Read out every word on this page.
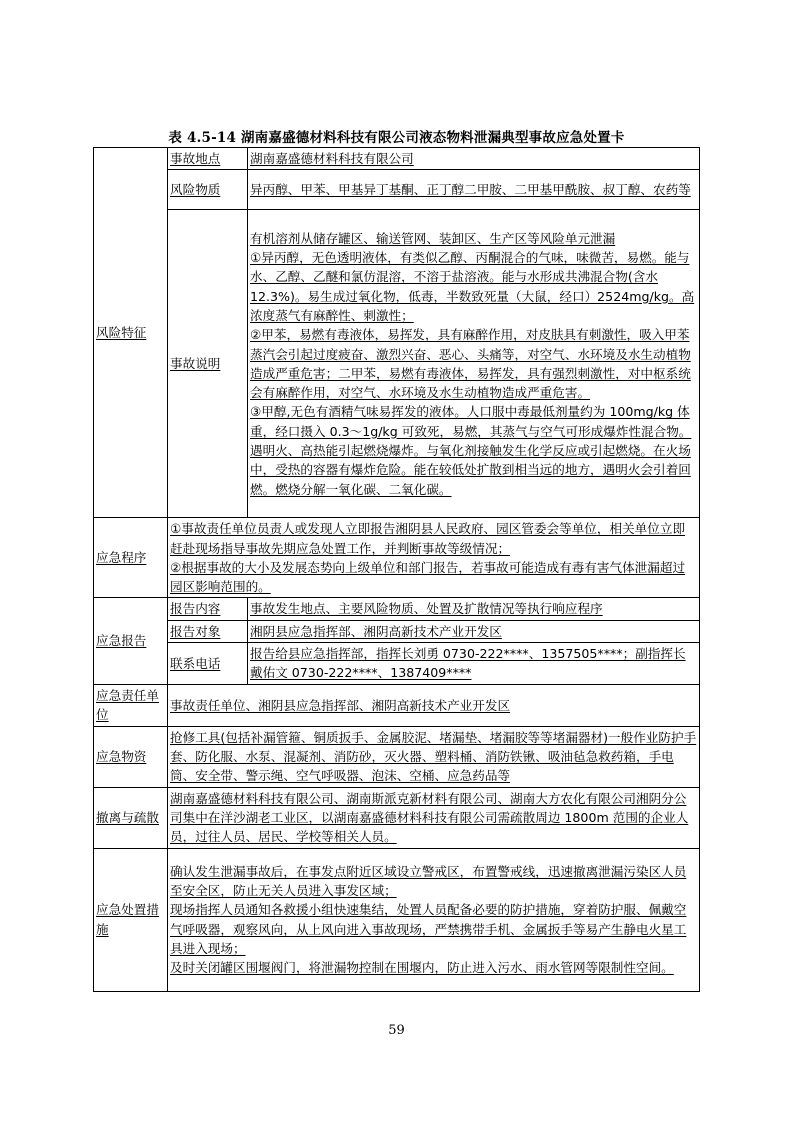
表 4.5-14 湖南嘉盛德材料科技有限公司液态物料泄漏典型事故应急处置卡
风险特征	事故地点	湖南嘉盛德材料科技有限公司
	风险物质	异丙醇、甲苯、甲基异丁基酮、正丁醇二甲胺、二甲基甲酰胺、叔丁醇、农药等
	事故说明	有机溶剂从储存罐区、输送管网、装卸区、生产区等风险单元泄漏
①异丙醇，无色透明液体，有类似乙醇、丙酮混合的气味，味微苦，易燃。能与水、乙醇、乙醚和氯仿混溶，不溶于盐溶液。能与水形成共沸混合物(含水 12.3%)。易生成过氧化物，低毒，半数致死量（大鼠，经口）2524mg/kg。高浓度蒸气有麻醉性、刺激性；
②甲苯，易燃有毒液体，易挥发，具有麻醉作用，对皮肤具有刺激性，吸入甲苯蒸汽会引起过度疲奋、激烈兴奋、恶心、头痛等，对空气、水环境及水生动植物造成严重危害；二甲苯，易燃有毒液体，易挥发，具有强烈刺激性，对中枢系统会有麻醉作用，对空气、水环境及水生动植物造成严重危害。
③甲醇,无色有酒精气味易挥发的液体。人口服中毒最低剂量约为 100mg/kg 体重，经口摄入 0.3～1g/kg 可致死，易燃，其蒸气与空气可形成爆炸性混合物。遇明火、高热能引起燃烧爆炸。与氧化剂接触发生化学反应或引起燃烧。在火场中，受热的容器有爆炸危险。能在较低处扩散到相当远的地方，遇明火会引着回燃。燃烧分解一氧化碳、二氧化碳。

应急程序	①事故责任单位员责人或发现人立即报告湘阴县人民政府、园区管委会等单位，相关单位立即赶赴现场指导事故先期应急处置工作，并判断事故等级情况；
②根据事故的大小及发展态势向上级单位和部门报告，若事故可能造成有毒有害气体泄漏超过园区影响范围的。	

应急报告	报告内容	事故发生地点、主要风险物质、处置及扩散情况等执行响应程序
	报告对象	湘阴县应急指挥部、湘阴高新技术产业开发区
	联系电话	报告给县应急指挥部，指挥长刘勇 0730-222****、1357505****；副指挥长戴佑文 0730-222****、1387409****
应急责任单位	事故责任单位、湘阴县应急指挥部、湘阴高新技术产业开发区	
应急物资	抢修工具(包括补漏管箍、铜质扳手、金属胶泥、堵漏垫、堵漏胶等等堵漏器材)一般作业防护手套、防化服、水泵、混凝剂、消防砂，灭火器、塑料桶、消防铁锹、吸油毡急救药箱，手电筒、安全带、警示绳、空气呼吸器、泡沫、空桶、应急药品等	
撤离与疏散	湖南嘉盛德材料科技有限公司、湖南斯派克新材料有限公司、湖南大方农化有限公司湘阴分公司集中在洋沙湖老工业区，以湖南嘉盛德材料科技有限公司需疏散周边 1800m 范围的企业人员，过往人员、居民、学校等相关人员。	
应急处置措施	确认发生泄漏事故后，在事发点附近区域设立警戒区，布置警戒线，迅速撤离泄漏污染区人员至安全区，防止无关人员进入事发区域；
现场指挥人员通知各救援小组快速集结，处置人员配备必要的防护措施，穿着防护服、佩戴空气呼吸器，观察风向，从上风向进入事故现场，严禁携带手机、金属扳手等易产生静电火星工具进入现场；
及时关闭罐区围堰阀门，将泄漏物控制在围堰内，防止进入污水、雨水管网等限制性空间。	
59
